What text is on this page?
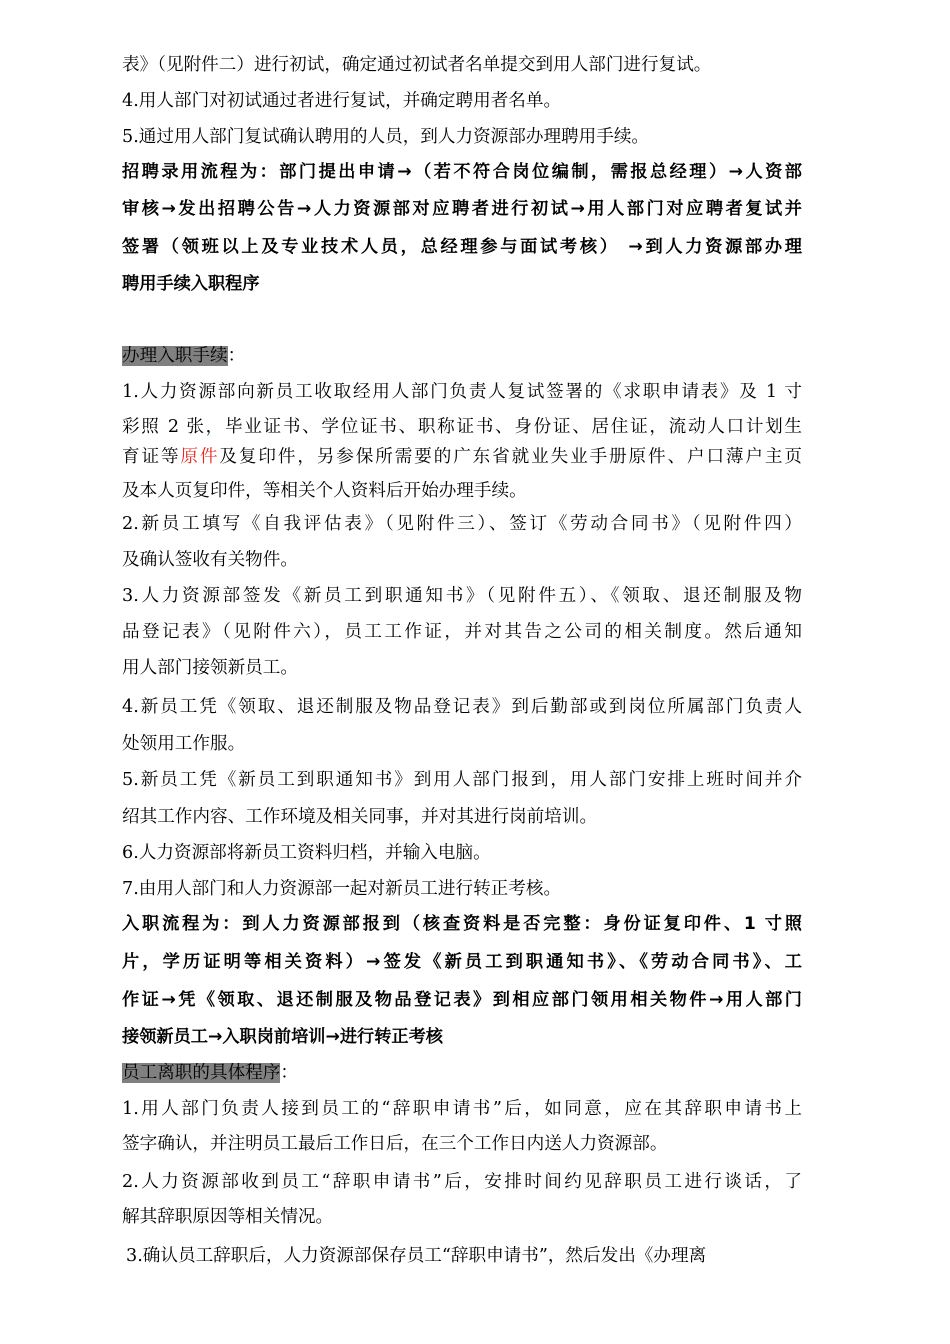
表》（见附件二）进行初试，确定通过初试者名单提交到用人部门进行复试。
4.用人部门对初试通过者进行复试，并确定聘用者名单。
5.通过用人部门复试确认聘用的人员，到人力资源部办理聘用手续。
招聘录用流程为：部门提出申请→（若不符合岗位编制，需报总经理）→人资部
审核→发出招聘公告→人力资源部对应聘者进行初试→用人部门对应聘者复试并
签署（领班以上及专业技术人员，总经理参与面试考核） →到人力资源部办理
聘用手续入职程序
办理入职手续：
1.人力资源部向新员工收取经用人部门负责人复试签署的《求职申请表》及 1 寸
彩照 2 张，毕业证书、学位证书、职称证书、身份证、居住证，流动人口计划生
育证等原件及复印件，另参保所需要的广东省就业失业手册原件、户口薄户主页
及本人页复印件，等相关个人资料后开始办理手续。
2.新员工填写《自我评估表》（见附件三）、签订《劳动合同书》（见附件四）
及确认签收有关物件。
3.人力资源部签发《新员工到职通知书》（见附件五）、《领取、退还制服及物
品登记表》（见附件六），员工工作证，并对其告之公司的相关制度。然后通知
用人部门接领新员工。
4.新员工凭《领取、退还制服及物品登记表》到后勤部或到岗位所属部门负责人
处领用工作服。
5.新员工凭《新员工到职通知书》到用人部门报到，用人部门安排上班时间并介
绍其工作内容、工作环境及相关同事，并对其进行岗前培训。
6.人力资源部将新员工资料归档，并输入电脑。
7.由用人部门和人力资源部一起对新员工进行转正考核。
入职流程为：到人力资源部报到（核查资料是否完整：身份证复印件、1 寸照
片，学历证明等相关资料）→签发《新员工到职通知书》、《劳动合同书》、工
作证→凭《领取、退还制服及物品登记表》到相应部门领用相关物件→用人部门
接领新员工→入职岗前培训→进行转正考核
员工离职的具体程序：
1.用人部门负责人接到员工的“辞职申请书”后，如同意，应在其辞职申请书上
签字确认，并注明员工最后工作日后，在三个工作日内送人力资源部。
2.人力资源部收到员工“辞职申请书”后，安排时间约见辞职员工进行谈话，了
解其辞职原因等相关情况。
3.确认员工辞职后，人力资源部保存员工“辞职申请书”，然后发出《办理离
